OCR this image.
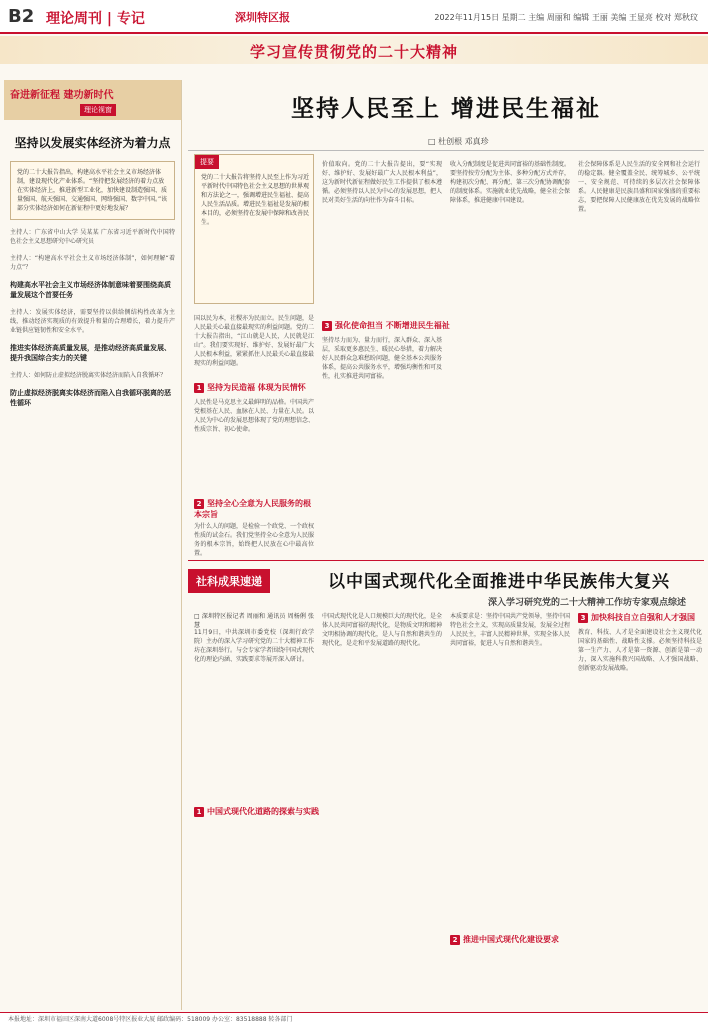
B2 理论周刊 | 专记	深圳特区报	2022年11月15日 星期二 主编 周丽和 编辑 王丽 美编 王显亮 校对 郑秋玟
学习宣传贯彻党的二十大精神
奋进新征程 建功新时代
理论视窗
坚持以发展实体经济为着力点
党的二十大报告指出，构建高水平社会主义市场经济体制，建设现代化产业体系。“坚持把发展经济的着力点放在实体经济上，推进新型工业化，加快建设制造强国、质量强国、航天强国、交通强国、网络强国、数字中国。”该部分实体经济如何在新征程中更好地发展？
主持人：广东省中山大学 吴某某 广东省习近平新时代中国特色社会主义思想研究中心研究员
主持人：“构建高水平社会主义市场经济体制”，如何理解“着力点”？
构建高水平社会主义市场经济体制意味着要围绕高质量发展这个首要任务
主持人：发展实体经济，需要坚持以供给侧结构性改革为主线，推动经济实现质的有效提升和量的合理增长，着力提升产业链供应链韧性和安全水平。
推进实体经济高质量发展，是推动经济高质量发展、提升我国综合实力的关键
主持人：如何防止虚拟经济脱离实体经济而陷入自我循环？
防止虚拟经济脱离实体经济而陷入自我循环脱离的恶性循环
坚持人民至上 增进民生福祉
□ 杜创根 邓真珍
提要
党的二十大报告将坚持人民至上作为习近平新时代中国特色社会主义思想的世界观和方法论之一，强调增进民生福祉、提高人民生活品质。增进民生福祉是发展的根本目的，必须坚持在发展中保障和改善民生。
国以民为本，社稷亦为民而立。民生问题，是人民最关心最直接最现实的利益问题。党的二十大报告指出，“江山就是人民，人民就是江山”。我们要实现好、维护好、发展好最广大人民根本利益，紧紧抓住人民最关心最直接最现实的利益问题。
1 坚持为民造福 体现为民情怀
人民性是马克思主义最鲜明的品格。中国共产党根基在人民、血脉在人民、力量在人民。以人民为中心的发展思想体现了党的理想信念、性质宗旨、初心使命。
2 坚持全心全意为人民服务的根本宗旨
为什么人的问题，是检验一个政党、一个政权性质的试金石。我们党坚持全心全意为人民服务的根本宗旨，始终把人民放在心中最高位置。
价值取向。党的二十大报告提出，要“实现好、维护好、发展好最广大人民根本利益”，这为新时代新征程做好民生工作提供了根本遵循。必须坚持以人民为中心的发展思想，把人民对美好生活的向往作为奋斗目标。
3 强化使命担当 不断增进民生福祉
坚持尽力而为、量力而行，深入群众、深入基层，采取更多惠民生、暖民心举措，着力解决好人民群众急难愁盼问题，健全基本公共服务体系，提高公共服务水平，增强均衡性和可及性，扎实推进共同富裕。
收入分配制度是促进共同富裕的基础性制度。要坚持按劳分配为主体、多种分配方式并存，构建初次分配、再分配、第三次分配协调配套的制度体系。实施就业优先战略，健全社会保障体系，推进健康中国建设。
社会保障体系是人民生活的安全网和社会运行的稳定器。健全覆盖全民、统筹城乡、公平统一、安全规范、可持续的多层次社会保障体系。人民健康是民族昌盛和国家强盛的重要标志，要把保障人民健康放在优先发展的战略位置。
社科成果速递	以中国式现代化全面推进中华民族伟大复兴
深入学习研究党的二十大精神工作坊专家观点综述
□ 深圳特区报记者 周丽和 通讯员 周杨俐 张慧
11月9日，中共深圳市委党校（深圳行政学院）主办的深入学习研究党的二十大精神工作坊在深圳举行。与会专家学者围绕中国式现代化的理论内涵、实践要求等展开深入研讨。
1 中国式现代化道路的探索与实践
中国式现代化是人口规模巨大的现代化，是全体人民共同富裕的现代化，是物质文明和精神文明相协调的现代化，是人与自然和谐共生的现代化，是走和平发展道路的现代化。
2 推进中国式现代化建设要求
本质要求是：坚持中国共产党领导，坚持中国特色社会主义，实现高质量发展，发展全过程人民民主，丰富人民精神世界，实现全体人民共同富裕，促进人与自然和谐共生。
3 加快科技自立自强和人才强国
教育、科技、人才是全面建设社会主义现代化国家的基础性、战略性支撑。必须坚持科技是第一生产力、人才是第一资源、创新是第一动力，深入实施科教兴国战略、人才强国战略、创新驱动发展战略。
本报地址：深圳市福田区深南大道6008号特区报业大厦 邮政编码：518009 办公室：83518888 转各部门
